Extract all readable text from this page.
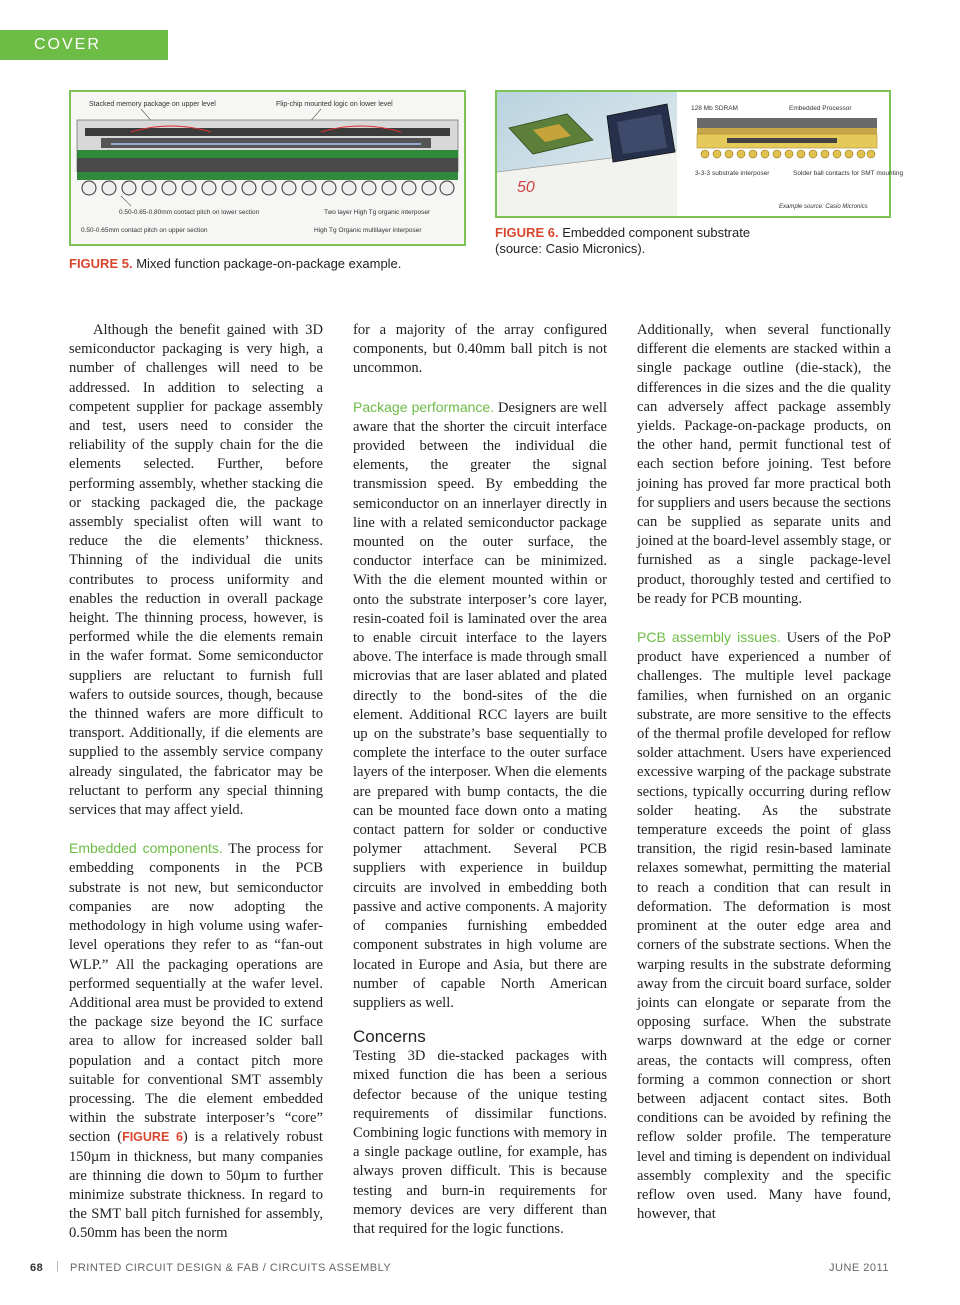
COVER STORY
Stacked memory package on upper level	Flip-chip mounted logic on lower level
0.50-0.65-0.80mm contact pitch on lower section	Two layer High Tg organic interposer
0.50-0.65mm contact pitch on upper section	High Tg Organic multilayer interposer
FIGURE 5. Mixed function package-on-package example.
50
128 Mb SDRAM	Embedded Processor
3-3-3 substrate interposer	Solder ball contacts for SMT mounting
Example source: Casio Micronics
FIGURE 6. Embedded component substrate (source: Casio Micronics).

Although the benefit gained with 3D semiconductor packaging is very high, a number of challenges will need to be addressed. In addition to selecting a competent supplier for package assembly and test, users need to consider the reliability of the supply chain for the die elements selected. Further, before performing assembly, whether stacking die or stacking packaged die, the package assembly specialist often will want to reduce the die elements’ thickness. Thinning of the individual die units contributes to process uniformity and enables the reduction in overall package height. The thinning process, however, is performed while the die elements remain in the wafer format. Some semiconductor suppliers are reluctant to furnish full wafers to outside sources, though, because the thinned wafers are more difficult to transport. Additionally, if die elements are supplied to the assembly service company already singulated, the fabricator may be reluctant to perform any special thinning services that may affect yield.

Embedded components. The process for embedding components in the PCB substrate is not new, but semiconductor companies are now adopting the methodology in high volume using wafer-level operations they refer to as “fan-out WLP.” All the packaging operations are performed sequentially at the wafer level. Additional area must be provided to extend the package size beyond the IC surface area to allow for increased solder ball population and a contact pitch more suitable for conventional SMT assembly processing. The die element embedded within the substrate interposer’s “core” section (FIGURE 6) is a relatively robust 150µm in thickness, but many companies are thinning die down to 50µm to further minimize substrate thickness. In regard to the SMT ball pitch furnished for assembly, 0.50mm has been the norm

for a majority of the array configured components, but 0.40mm ball pitch is not uncommon.

Package performance. Designers are well aware that the shorter the circuit interface provided between the individual die elements, the greater the signal transmission speed. By embedding the semiconductor on an innerlayer directly in line with a related semiconductor package mounted on the outer surface, the conductor interface can be minimized. With the die element mounted within or onto the substrate interposer’s core layer, resin-coated foil is laminated over the area to enable circuit interface to the layers above. The interface is made through small microvias that are laser ablated and plated directly to the bond-sites of the die element. Additional RCC layers are built up on the substrate’s base sequentially to complete the interface to the outer surface layers of the interposer. When die elements are prepared with bump contacts, the die can be mounted face down onto a mating contact pattern for solder or conductive polymer attachment. Several PCB suppliers with experience in buildup circuits are involved in embedding both passive and active components. A majority of companies furnishing embedded component substrates in high volume are located in Europe and Asia, but there are number of capable North American suppliers as well.

Concerns

Testing 3D die-stacked packages with mixed function die has been a serious defector because of the unique testing requirements of dissimilar functions. Combining logic functions with memory in a single package outline, for example, has always proven difficult. This is because testing and burn-in requirements for memory devices are very different than that required for the logic functions.

Additionally, when several functionally different die elements are stacked within a single package outline (die-stack), the differences in die sizes and the die quality can adversely affect package assembly yields. Package-on-package products, on the other hand, permit functional test of each section before joining. Test before joining has proved far more practical both for suppliers and users because the sections can be supplied as separate units and joined at the board-level assembly stage, or furnished as a single package-level product, thoroughly tested and certified to be ready for PCB mounting.

PCB assembly issues. Users of the PoP product have experienced a number of challenges. The multiple level package families, when furnished on an organic substrate, are more sensitive to the effects of the thermal profile developed for reflow solder attachment. Users have experienced excessive warping of the package substrate sections, typically occurring during reflow solder heating. As the substrate temperature exceeds the point of glass transition, the rigid resin-based laminate relaxes somewhat, permitting the material to reach a condition that can result in deformation. The deformation is most prominent at the outer edge area and corners of the substrate sections. When the warping results in the substrate deforming away from the circuit board surface, solder joints can elongate or separate from the opposing surface. When the substrate warps downward at the edge or corner areas, the contacts will compress, often forming a common connection or short between adjacent contact sites. Both conditions can be avoided by refining the reflow solder profile. The temperature level and timing is dependent on individual assembly complexity and the specific reflow oven used. Many have found, however, that

68 | PRINTED CIRCUIT DESIGN & FAB / CIRCUITS ASSEMBLY	JUNE 2011
